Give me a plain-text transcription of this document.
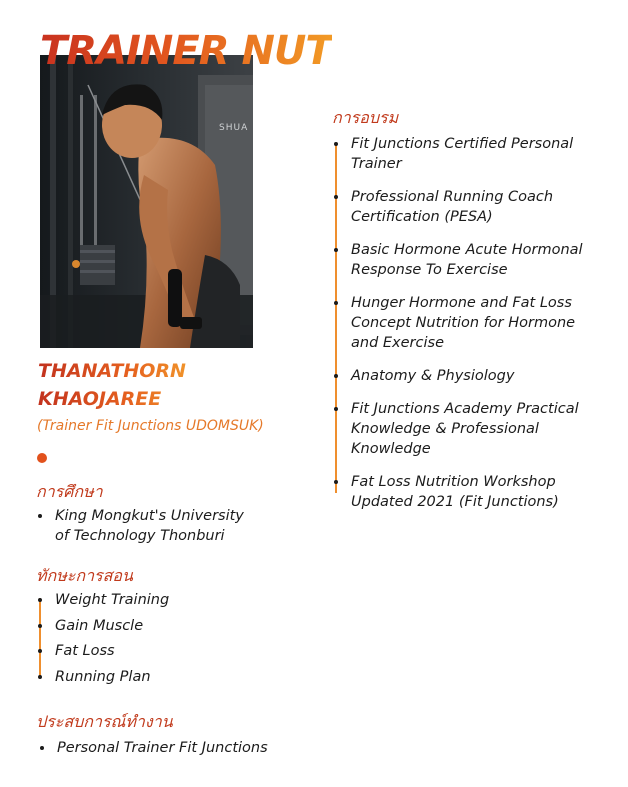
TRAINER NUT
SHUA
THANATHORN
KHAOJAREE
(Trainer Fit Junctions UDOMSUK)
การศึกษา
King Mongkut's University
of Technology Thonburi
ทักษะการสอน
Weight Training
Gain Muscle
Fat Loss
Running Plan
ประสบการณ์ทำงาน
Personal Trainer Fit Junctions
การอบรม
Fit Junctions Certified Personal
Trainer
Professional Running Coach
Certification (PESA)
Basic Hormone Acute Hormonal
Response To Exercise
Hunger Hormone and Fat Loss
Concept Nutrition for Hormone
and Exercise
Anatomy & Physiology
Fit Junctions Academy Practical
Knowledge & Professional
Knowledge
Fat Loss Nutrition Workshop
Updated 2021 (Fit Junctions)
